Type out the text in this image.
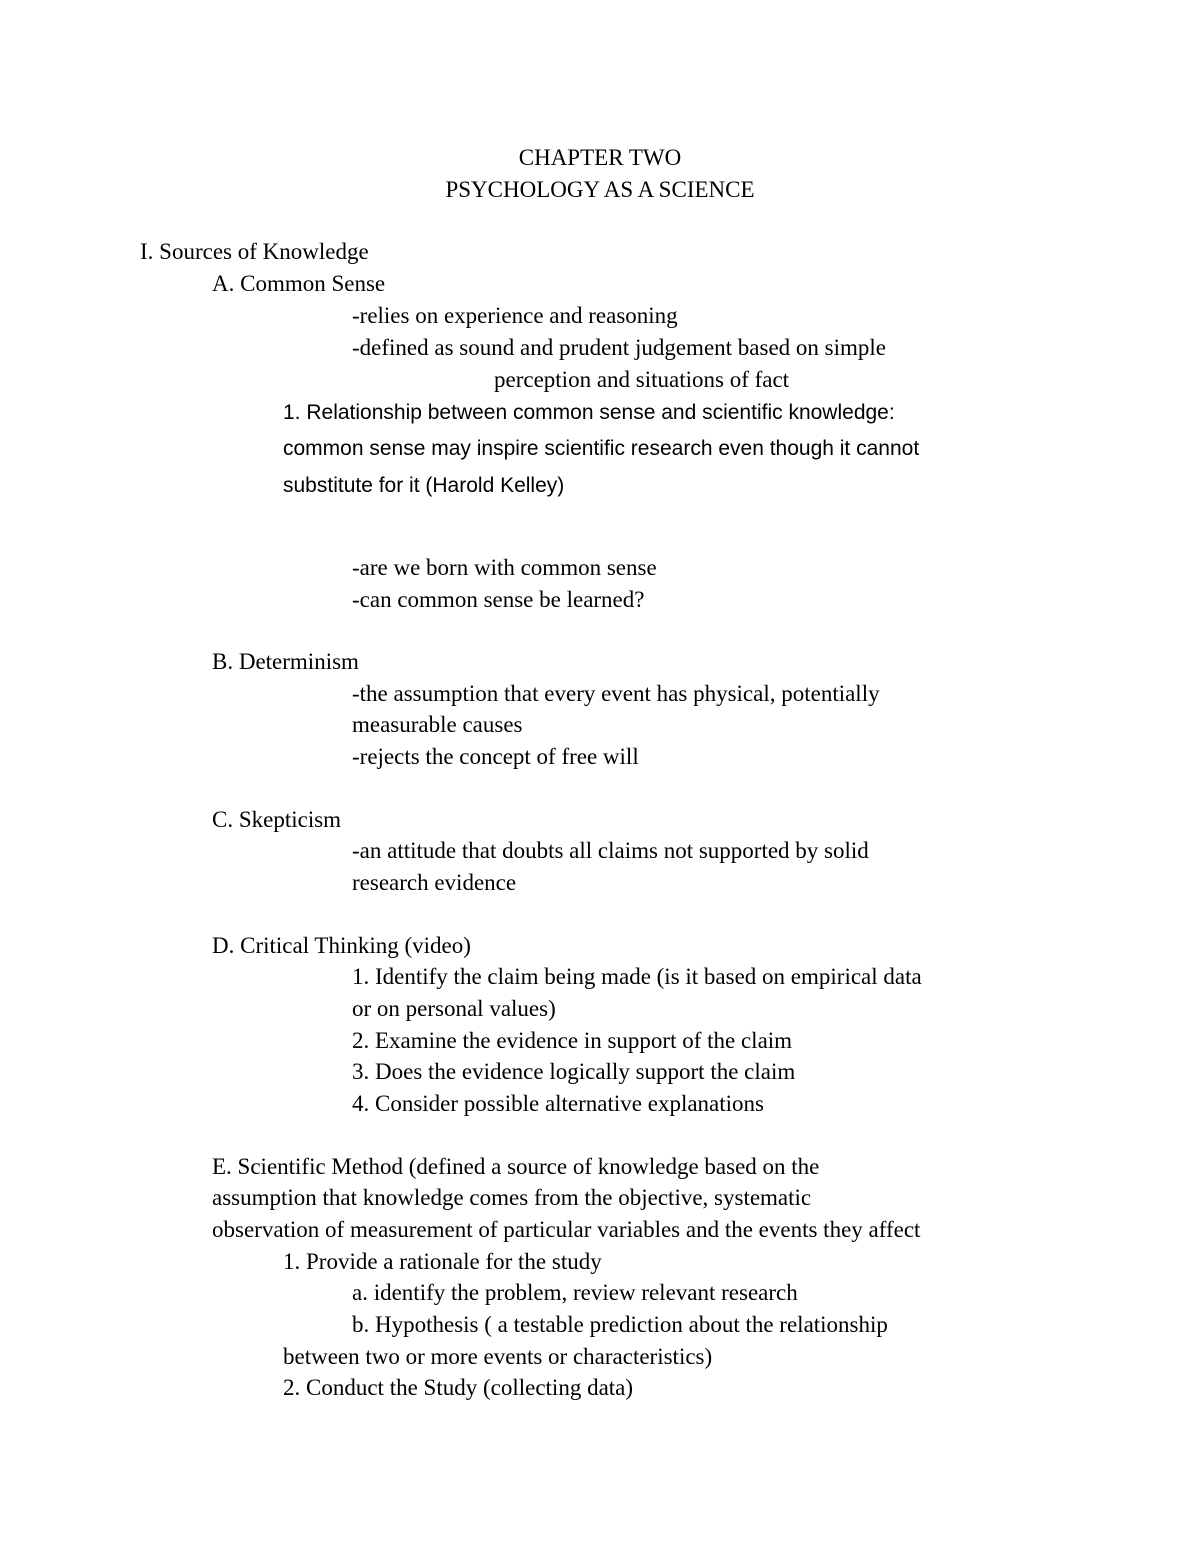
CHAPTER TWO
PSYCHOLOGY AS A SCIENCE
I. Sources of Knowledge
A. Common Sense
-relies on experience and reasoning
-defined as sound and prudent judgement based on simple
perception and situations of fact
1. Relationship between common sense and scientific knowledge:
common sense may inspire scientific research even though it cannot
substitute for it (Harold Kelley)
-are we born with common sense
-can common sense be learned?
B. Determinism
-the assumption that every event has physical, potentially
measurable causes
-rejects the concept of free will
C. Skepticism
-an attitude that doubts all claims not supported by solid
research evidence
D. Critical Thinking (video)
1. Identify the claim being made (is it based on empirical data
or on personal values)
2. Examine the evidence in support of the claim
3. Does the evidence logically support the claim
4. Consider possible alternative explanations
E. Scientific Method (defined a source of knowledge based on the
assumption that knowledge comes from the objective, systematic
observation of measurement of particular variables and the events they affect
1. Provide a rationale for the study
a. identify the problem, review relevant research
b. Hypothesis ( a testable prediction about the relationship
between two or more events or characteristics)
2. Conduct the Study (collecting data)
